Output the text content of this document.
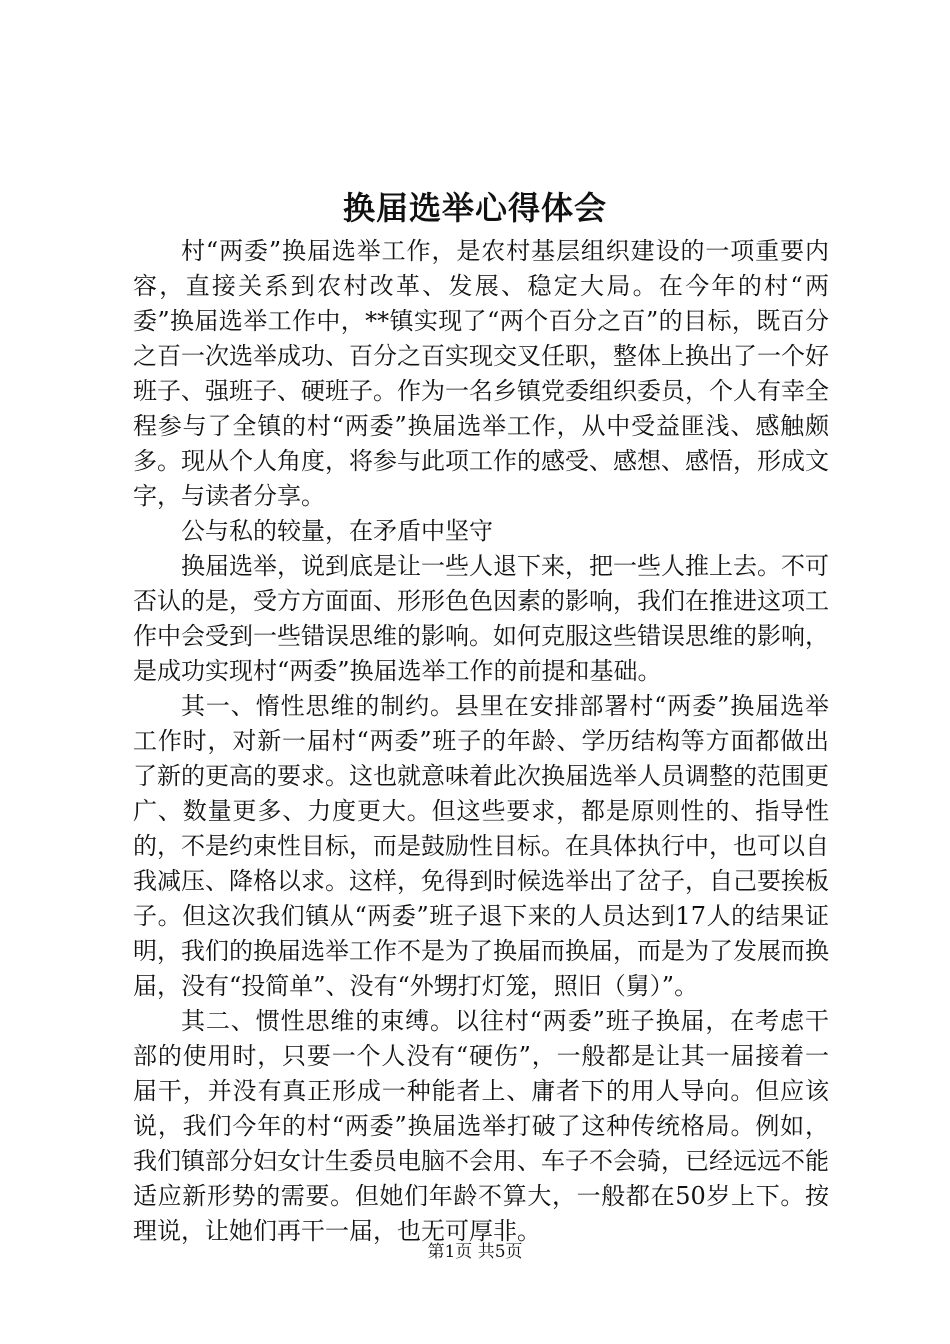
换届选举心得体会

村“两委”换届选举工作，是农村基层组织建设的一项重要内容，直接关系到农村改革、发展、稳定大局。在今年的村“两委”换届选举工作中，**镇实现了“两个百分之百”的目标，既百分之百一次选举成功、百分之百实现交叉任职，整体上换出了一个好班子、强班子、硬班子。作为一名乡镇党委组织委员，个人有幸全程参与了全镇的村“两委”换届选举工作，从中受益匪浅、感触颇多。现从个人角度，将参与此项工作的感受、感想、感悟，形成文字，与读者分享。

公与私的较量，在矛盾中坚守

换届选举，说到底是让一些人退下来，把一些人推上去。不可否认的是，受方方面面、形形色色因素的影响，我们在推进这项工作中会受到一些错误思维的影响。如何克服这些错误思维的影响，是成功实现村“两委”换届选举工作的前提和基础。

其一、惰性思维的制约。县里在安排部署村“两委”换届选举工作时，对新一届村“两委”班子的年龄、学历结构等方面都做出了新的更高的要求。这也就意味着此次换届选举人员调整的范围更广、数量更多、力度更大。但这些要求，都是原则性的、指导性的，不是约束性目标，而是鼓励性目标。在具体执行中，也可以自我减压、降格以求。这样，免得到时候选举出了岔子，自己要挨板子。但这次我们镇从“两委”班子退下来的人员达到17人的结果证明，我们的换届选举工作不是为了换届而换届，而是为了发展而换届，没有“投简单”、没有“外甥打灯笼，照旧（舅）”。

其二、惯性思维的束缚。以往村“两委”班子换届，在考虑干部的使用时，只要一个人没有“硬伤”，一般都是让其一届接着一届干，并没有真正形成一种能者上、庸者下的用人导向。但应该说，我们今年的村“两委”换届选举打破了这种传统格局。例如，我们镇部分妇女计生委员电脑不会用、车子不会骑，已经远远不能适应新形势的需要。但她们年龄不算大，一般都在50岁上下。按理说，让她们再干一届，也无可厚非。

第1页 共5页
